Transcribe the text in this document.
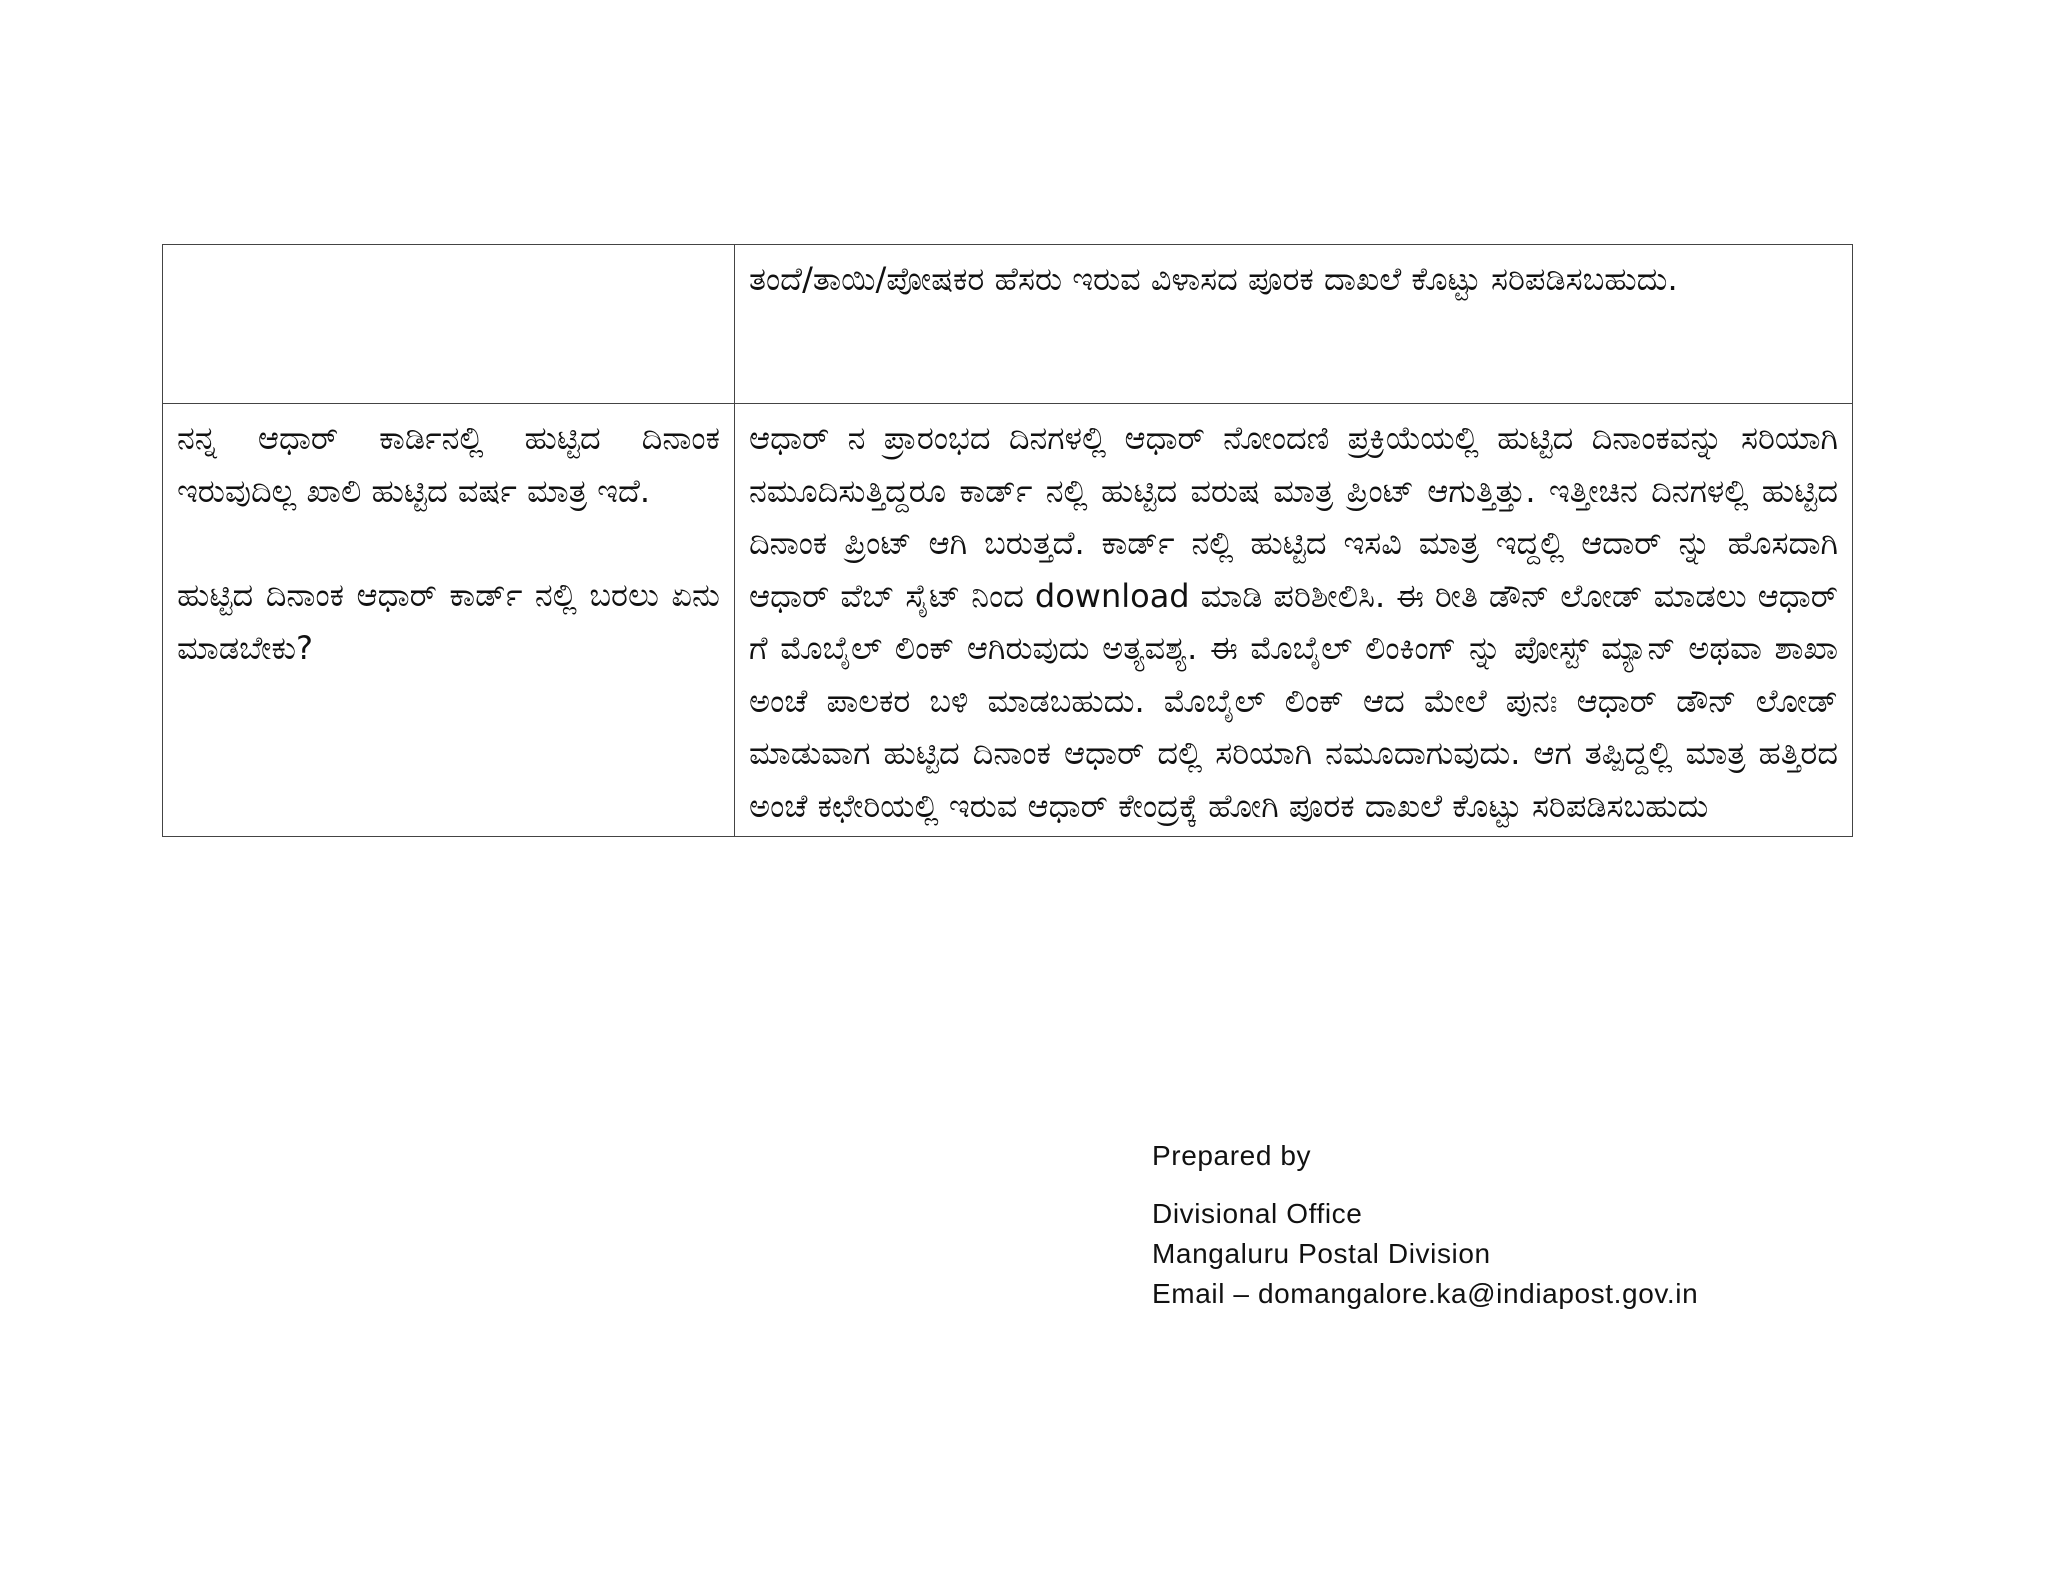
	ತಂದೆ/ತಾಯಿ/ಪೋಷಕರ ಹೆಸರು ಇರುವ ವಿಳಾಸದ ಪೂರಕ ದಾಖಲೆ ಕೊಟ್ಟು ಸರಿಪಡಿಸಬಹುದು.

ನನ್ನ ಆಧಾರ್ ಕಾರ್ಡಿನಲ್ಲಿ ಹುಟ್ಟಿದ ದಿನಾಂಕ ಇರುವುದಿಲ್ಲ ಖಾಲಿ ಹುಟ್ಟಿದ ವರ್ಷ ಮಾತ್ರ ಇದೆ.
ಹುಟ್ಟಿದ ದಿನಾಂಕ ಆಧಾರ್ ಕಾರ್ಡ್ ನಲ್ಲಿ ಬರಲು ಏನು ಮಾಡಬೇಕು?	ಆಧಾರ್ ನ ಪ್ರಾರಂಭದ ದಿನಗಳಲ್ಲಿ ಆಧಾರ್ ನೋಂದಣಿ ಪ್ರಕ್ರಿಯೆಯಲ್ಲಿ ಹುಟ್ಟಿದ ದಿನಾಂಕವನ್ನು ಸರಿಯಾಗಿ ನಮೂದಿಸುತ್ತಿದ್ದರೂ ಕಾರ್ಡ್ ನಲ್ಲಿ ಹುಟ್ಟಿದ ವರುಷ ಮಾತ್ರ ಪ್ರಿಂಟ್ ಆಗುತ್ತಿತ್ತು. ಇತ್ತೀಚಿನ ದಿನಗಳಲ್ಲಿ ಹುಟ್ಟಿದ ದಿನಾಂಕ ಪ್ರಿಂಟ್ ಆಗಿ ಬರುತ್ತದೆ. ಕಾರ್ಡ್ ನಲ್ಲಿ ಹುಟ್ಟಿದ ಇಸವಿ ಮಾತ್ರ ಇದ್ದಲ್ಲಿ ಆದಾರ್ ನ್ನು ಹೊಸದಾಗಿ ಆಧಾರ್ ವೆಬ್ ಸೈಟ್ ನಿಂದ download ಮಾಡಿ ಪರಿಶೀಲಿಸಿ. ಈ ರೀತಿ ಡೌನ್ ಲೋಡ್ ಮಾಡಲು ಆಧಾರ್ ಗೆ ಮೊಬೈಲ್ ಲಿಂಕ್ ಆಗಿರುವುದು ಅತ್ಯವಶ್ಯ. ಈ ಮೊಬೈಲ್ ಲಿಂಕಿಂಗ್ ನ್ನು ಪೋಸ್ಟ್ ಮ್ಯಾನ್ ಅಥವಾ ಶಾಖಾ ಅಂಚೆ ಪಾಲಕರ ಬಳಿ ಮಾಡಬಹುದು. ಮೊಬೈಲ್ ಲಿಂಕ್ ಆದ ಮೇಲೆ ಪುನಃ ಆಧಾರ್ ಡೌನ್ ಲೋಡ್ ಮಾಡುವಾಗ ಹುಟ್ಟಿದ ದಿನಾಂಕ ಆಧಾರ್ ದಲ್ಲಿ ಸರಿಯಾಗಿ ನಮೂದಾಗುವುದು. ಆಗ ತಪ್ಪಿದ್ದಲ್ಲಿ ಮಾತ್ರ ಹತ್ತಿರದ ಅಂಚೆ ಕಛೇರಿಯಲ್ಲಿ ಇರುವ ಆಧಾರ್ ಕೇಂದ್ರಕ್ಕೆ ಹೋಗಿ ಪೂರಕ ದಾಖಲೆ ಕೊಟ್ಟು ಸರಿಪಡಿಸಬಹುದು
Prepared by
Divisional Office
Mangaluru Postal Division
Email – domangalore.ka@indiapost.gov.in
